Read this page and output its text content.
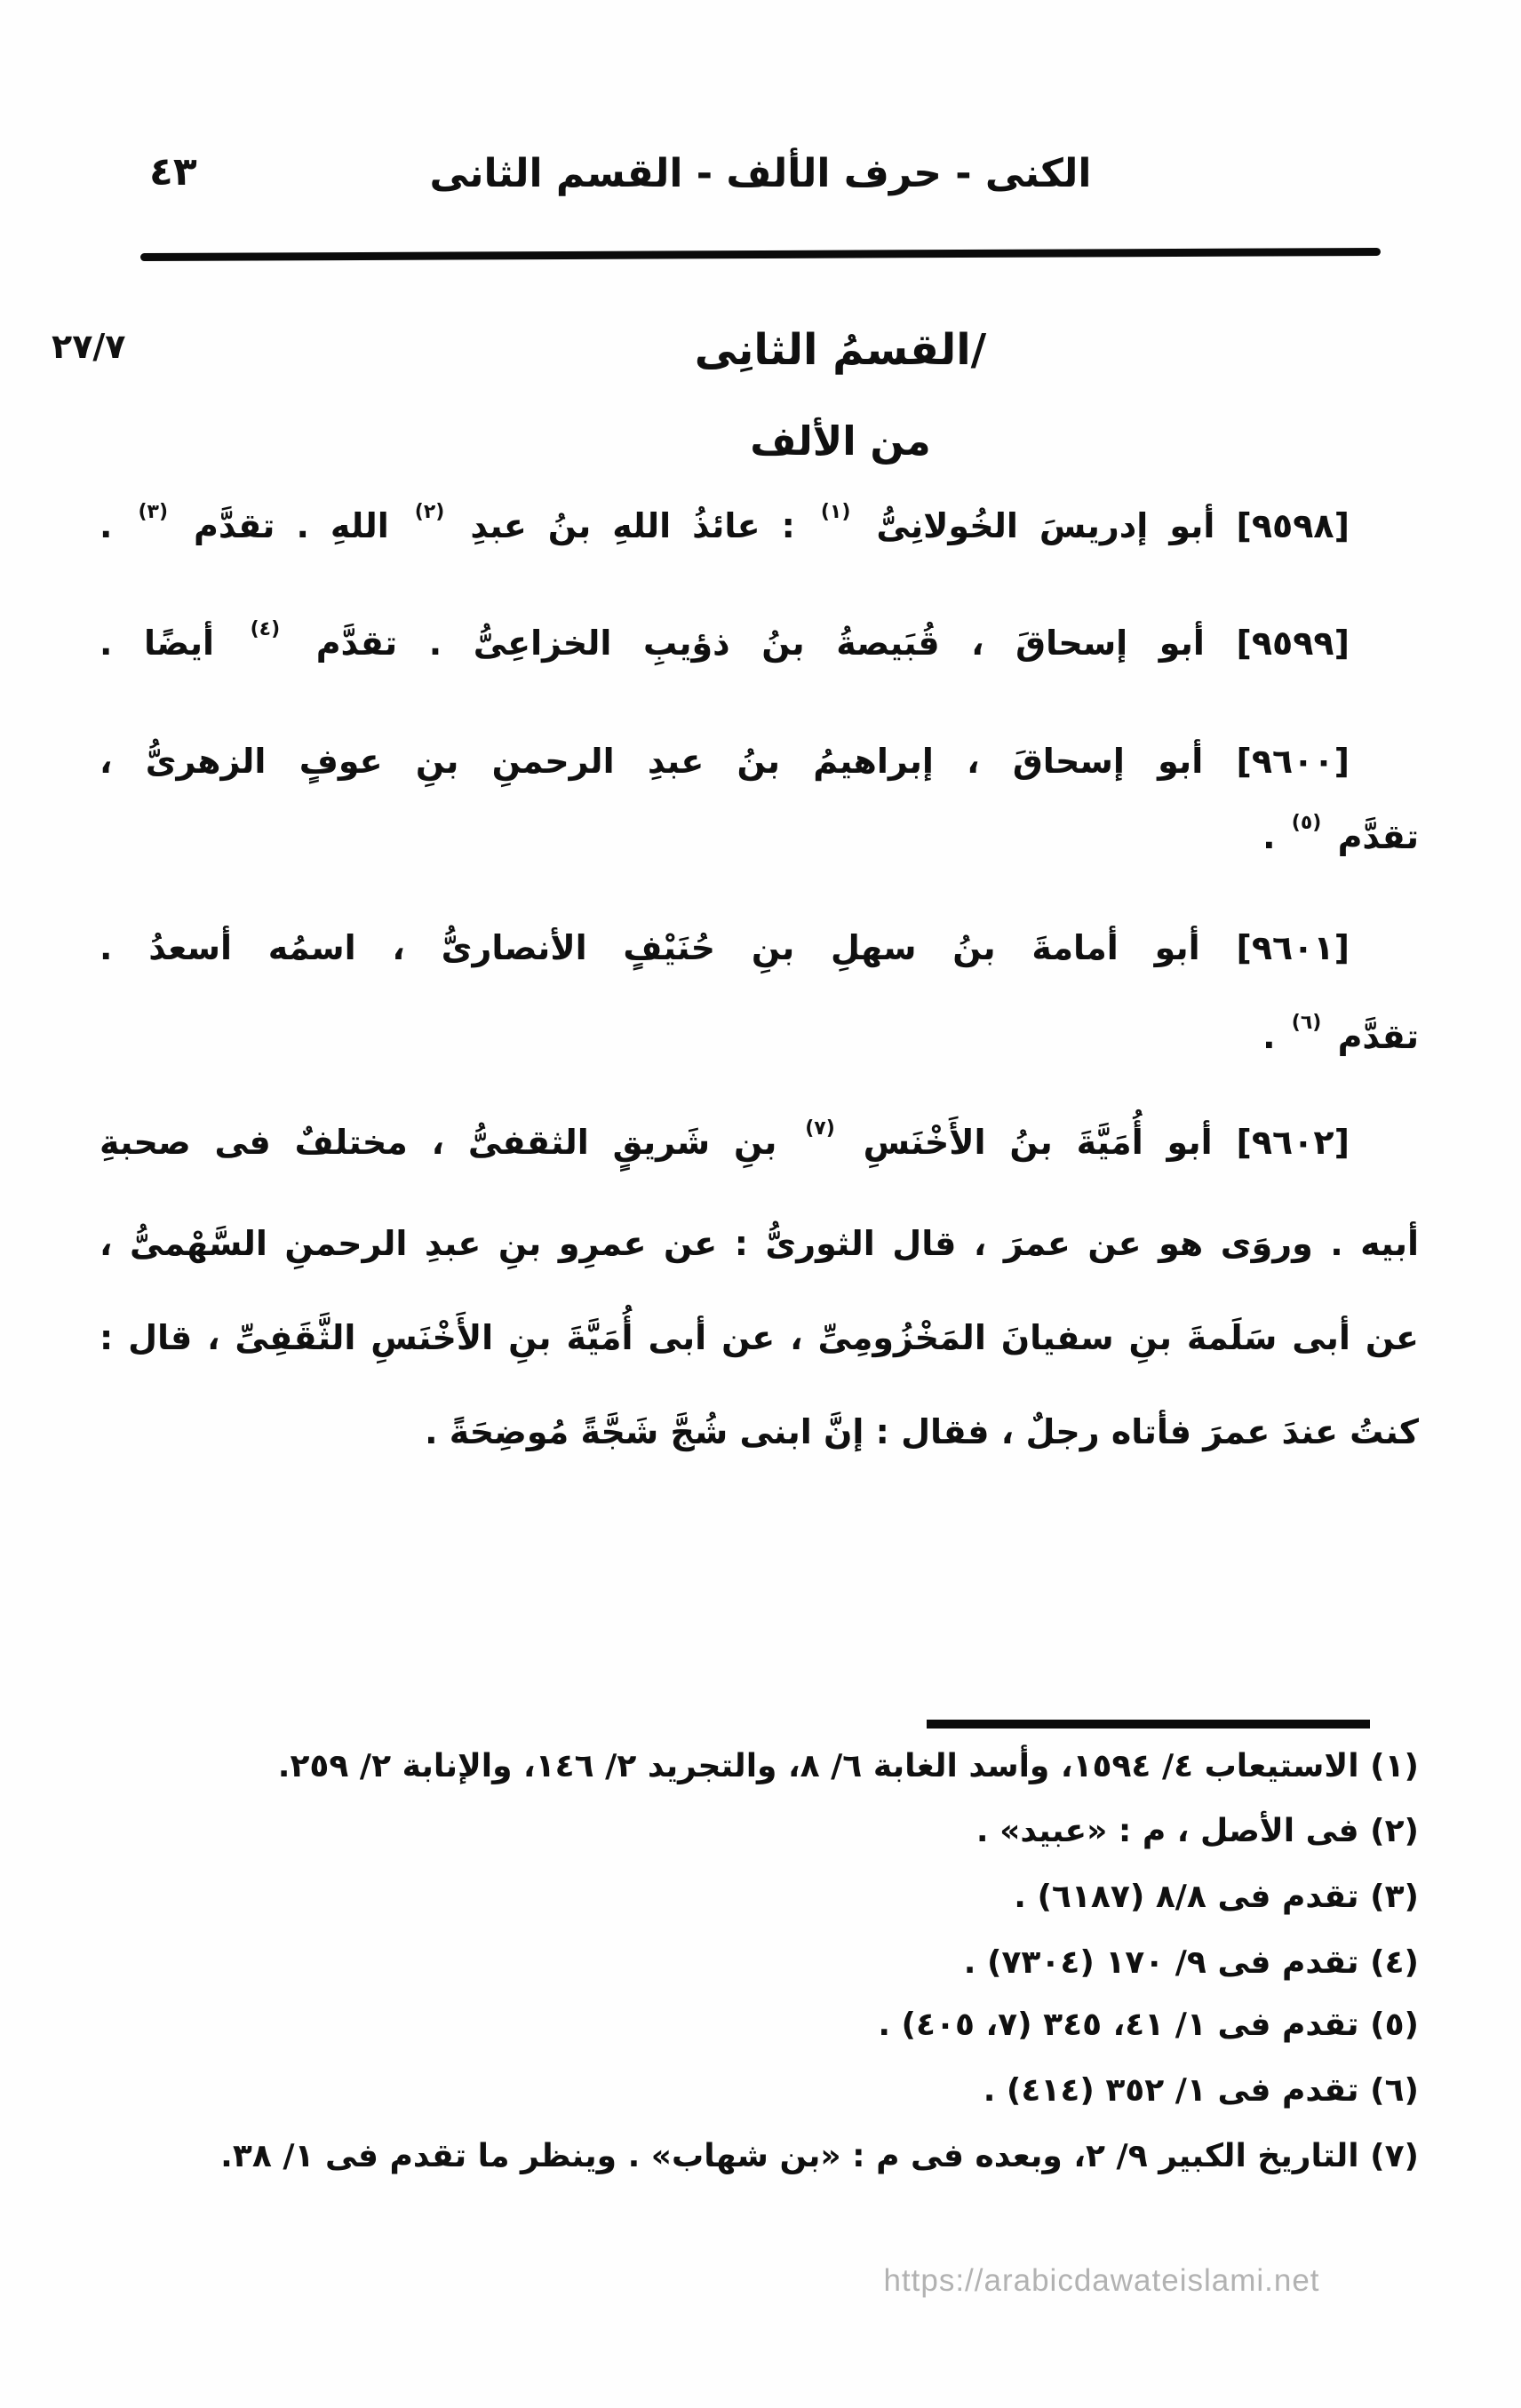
٤٣	الكنى - حرف الألف - القسم الثانى
٢٧/٧	/القسمُ الثانِى
من الألف
[٩٥٩٨] أبو إدريسَ الخُولانِىُّ $^{(١)}$ : عائذُ اللهِ بنُ عبدِ $^{(٢)}$ اللهِ . تقدَّم $^{(٣)}$ .
[٩٥٩٩] أبو إسحاقَ ، قُبَيصةُ بنُ ذؤيبِ الخزاعِىُّ . تقدَّم $^{(٤)}$ أيضًا .
[٩٦٠٠] أبو إسحاقَ ، إبراهيمُ بنُ عبدِ الرحمنِ بنِ عوفٍ الزهرىُّ ،
تقدَّم $^{(٥)}$ .
[٩٦٠١] أبو أمامةَ بنُ سهلِ بنِ حُنَيْفٍ الأنصارىُّ ، اسمُه أسعدُ .
تقدَّم $^{(٦)}$ .
[٩٦٠٢] أبو أُمَيَّةَ بنُ الأَخْنَسِ $^{(٧)}$ بنِ شَريقٍ الثقفىُّ ، مختلفٌ فى صحبةِ
أبيه . وروَى هو عن عمرَ ، قال الثورىُّ : عن عمرِو بنِ عبدِ الرحمنِ السَّهْمىُّ ،
عن أبى سَلَمةَ بنِ سفيانَ المَخْزُومِىِّ ، عن أبى أُمَيَّةَ بنِ الأَخْنَسِ الثَّقَفِىِّ ، قال :
كنتُ عندَ عمرَ فأتاه رجلٌ ، فقال : إنَّ ابنى شُجَّ شَجَّةً مُوضِحَةً .
(١) الاستيعاب ٤/ ١٥٩٤، وأسد الغابة ٦/ ٨، والتجريد ٢/ ١٤٦، والإنابة ٢/ ٢٥٩.
(٢) فى الأصل ، م : «عبيد» .
(٣) تقدم فى ٨/٨ (٦١٨٧) .
(٤) تقدم فى ٩/ ١٧٠ (٧٣٠٤) .
(٥) تقدم فى ١/ ٤١، ٣٤٥ (٧، ٤٠٥) .
(٦) تقدم فى ١/ ٣٥٢ (٤١٤) .
(٧) التاريخ الكبير ٩/ ٢، وبعده فى م : «بن شهاب» . وينظر ما تقدم فى ١/ ٣٨.
https://arabicdawateislami.net
